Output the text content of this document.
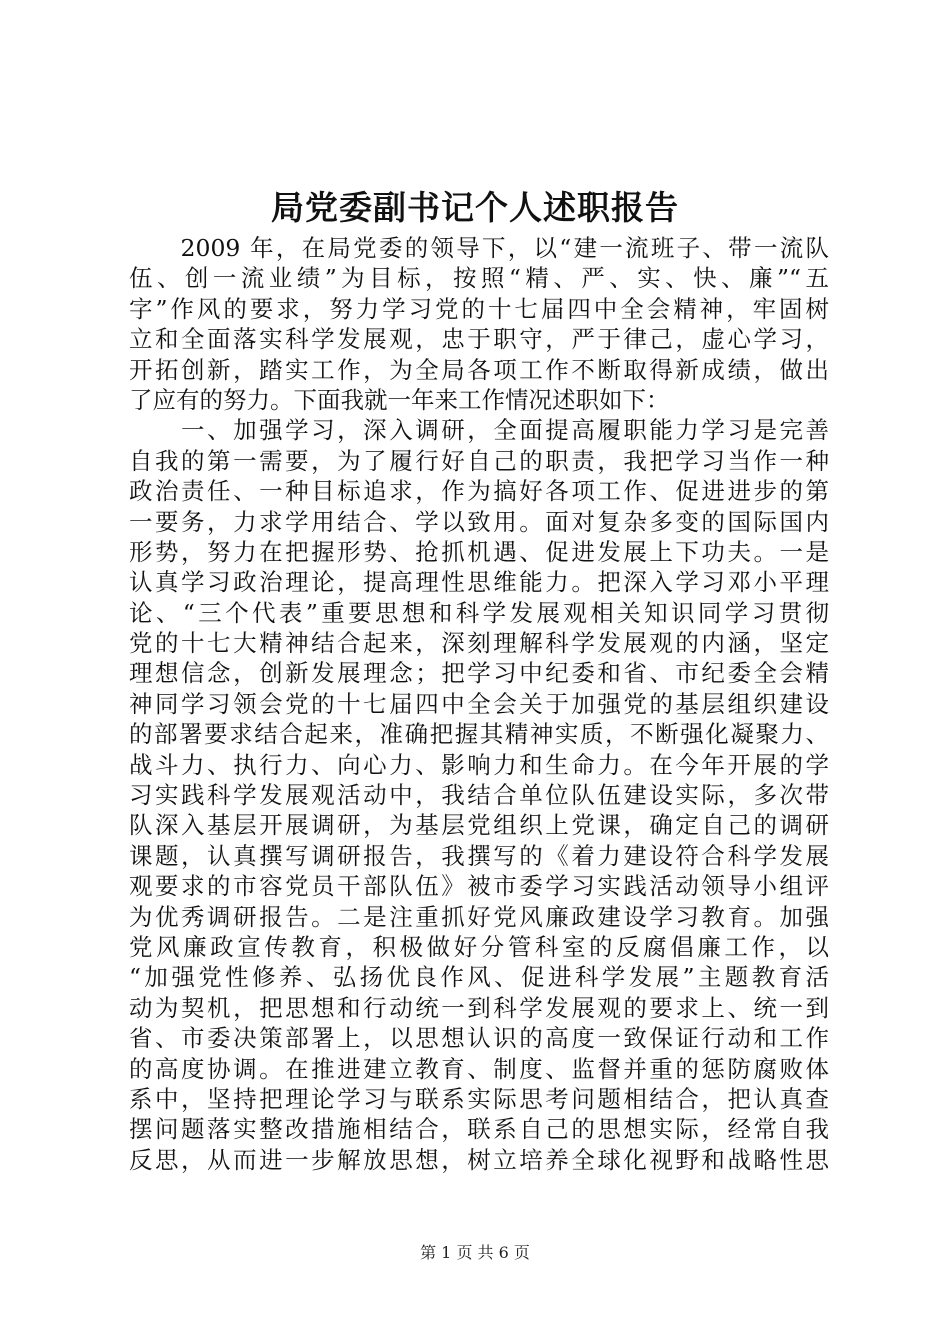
局党委副书记个人述职报告
　　2009 年，在局党委的领导下，以“建一流班子、带一流队
伍、创一流业绩”为目标，按照“精、严、实、快、廉”“五
字”作风的要求，努力学习党的十七届四中全会精神，牢固树
立和全面落实科学发展观，忠于职守，严于律己，虚心学习，
开拓创新，踏实工作，为全局各项工作不断取得新成绩，做出
了应有的努力。下面我就一年来工作情况述职如下：
　　一、加强学习，深入调研，全面提高履职能力学习是完善
自我的第一需要，为了履行好自己的职责，我把学习当作一种
政治责任、一种目标追求，作为搞好各项工作、促进进步的第
一要务，力求学用结合、学以致用。面对复杂多变的国际国内
形势，努力在把握形势、抢抓机遇、促进发展上下功夫。一是
认真学习政治理论，提高理性思维能力。把深入学习邓小平理
论、“三个代表”重要思想和科学发展观相关知识同学习贯彻
党的十七大精神结合起来，深刻理解科学发展观的内涵，坚定
理想信念，创新发展理念；把学习中纪委和省、市纪委全会精
神同学习领会党的十七届四中全会关于加强党的基层组织建设
的部署要求结合起来，准确把握其精神实质，不断强化凝聚力、
战斗力、执行力、向心力、影响力和生命力。在今年开展的学
习实践科学发展观活动中，我结合单位队伍建设实际，多次带
队深入基层开展调研，为基层党组织上党课，确定自己的调研
课题，认真撰写调研报告，我撰写的《着力建设符合科学发展
观要求的市容党员干部队伍》被市委学习实践活动领导小组评
为优秀调研报告。二是注重抓好党风廉政建设学习教育。加强
党风廉政宣传教育，积极做好分管科室的反腐倡廉工作，以
“加强党性修养、弘扬优良作风、促进科学发展”主题教育活
动为契机，把思想和行动统一到科学发展观的要求上、统一到
省、市委决策部署上，以思想认识的高度一致保证行动和工作
的高度协调。在推进建立教育、制度、监督并重的惩防腐败体
系中，坚持把理论学习与联系实际思考问题相结合，把认真查
摆问题落实整改措施相结合，联系自己的思想实际，经常自我
反思，从而进一步解放思想，树立培养全球化视野和战略性思
第 1 页 共 6 页
